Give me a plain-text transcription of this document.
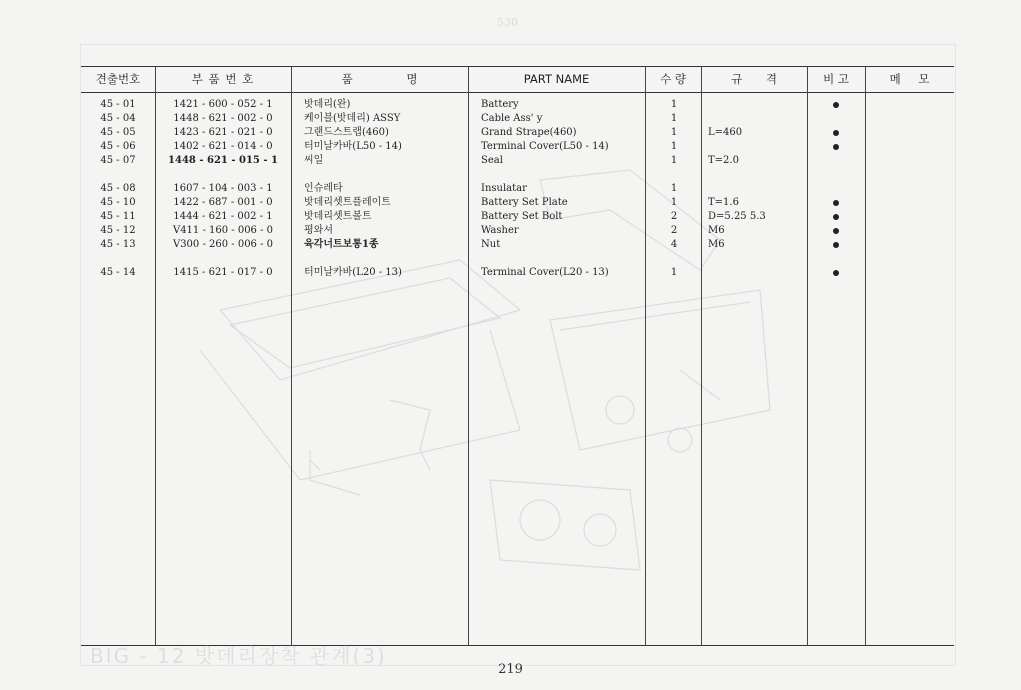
530
견출번호	부 품 번 호	품 명	PART NAME	수 량	규 격	비 고	메 모
45 - 01	1421 - 600 - 052 - 1	밧데리(완)	Battery	1
45 - 04	1448 - 621 - 002 - 0	케이블(밧데리) ASSY	Cable Ass' y	1
45 - 05	1423 - 621 - 021 - 0	그랜드스트랩(460)	Grand Strape(460)	1	L=460
45 - 06	1402 - 621 - 014 - 0	터미날카바(L50 - 14)	Terminal Cover(L50 - 14)	1
45 - 07	1448 - 621 - 015 - 1	씨일	Seal	1	T=2.0
45 - 08	1607 - 104 - 003 - 1	인슈레타	Insulatar	1
45 - 10	1422 - 687 - 001 - 0	밧데리셋트플레이트	Battery Set Plate	1	T=1.6
45 - 11	1444 - 621 - 002 - 1	밧데리셋트볼트	Battery Set Bolt	2	D=5.25 5.3
45 - 12	V411 - 160 - 006 - 0	평와셔	Washer	2	M6
45 - 13	V300 - 260 - 006 - 0	육각너트보통1종	Nut	4	M6
45 - 14	1415 - 621 - 017 - 0	터미날카바(L20 - 13)	Terminal Cover(L20 - 13)	1
BIG - 12 밧데리장착 관계(3)
219
